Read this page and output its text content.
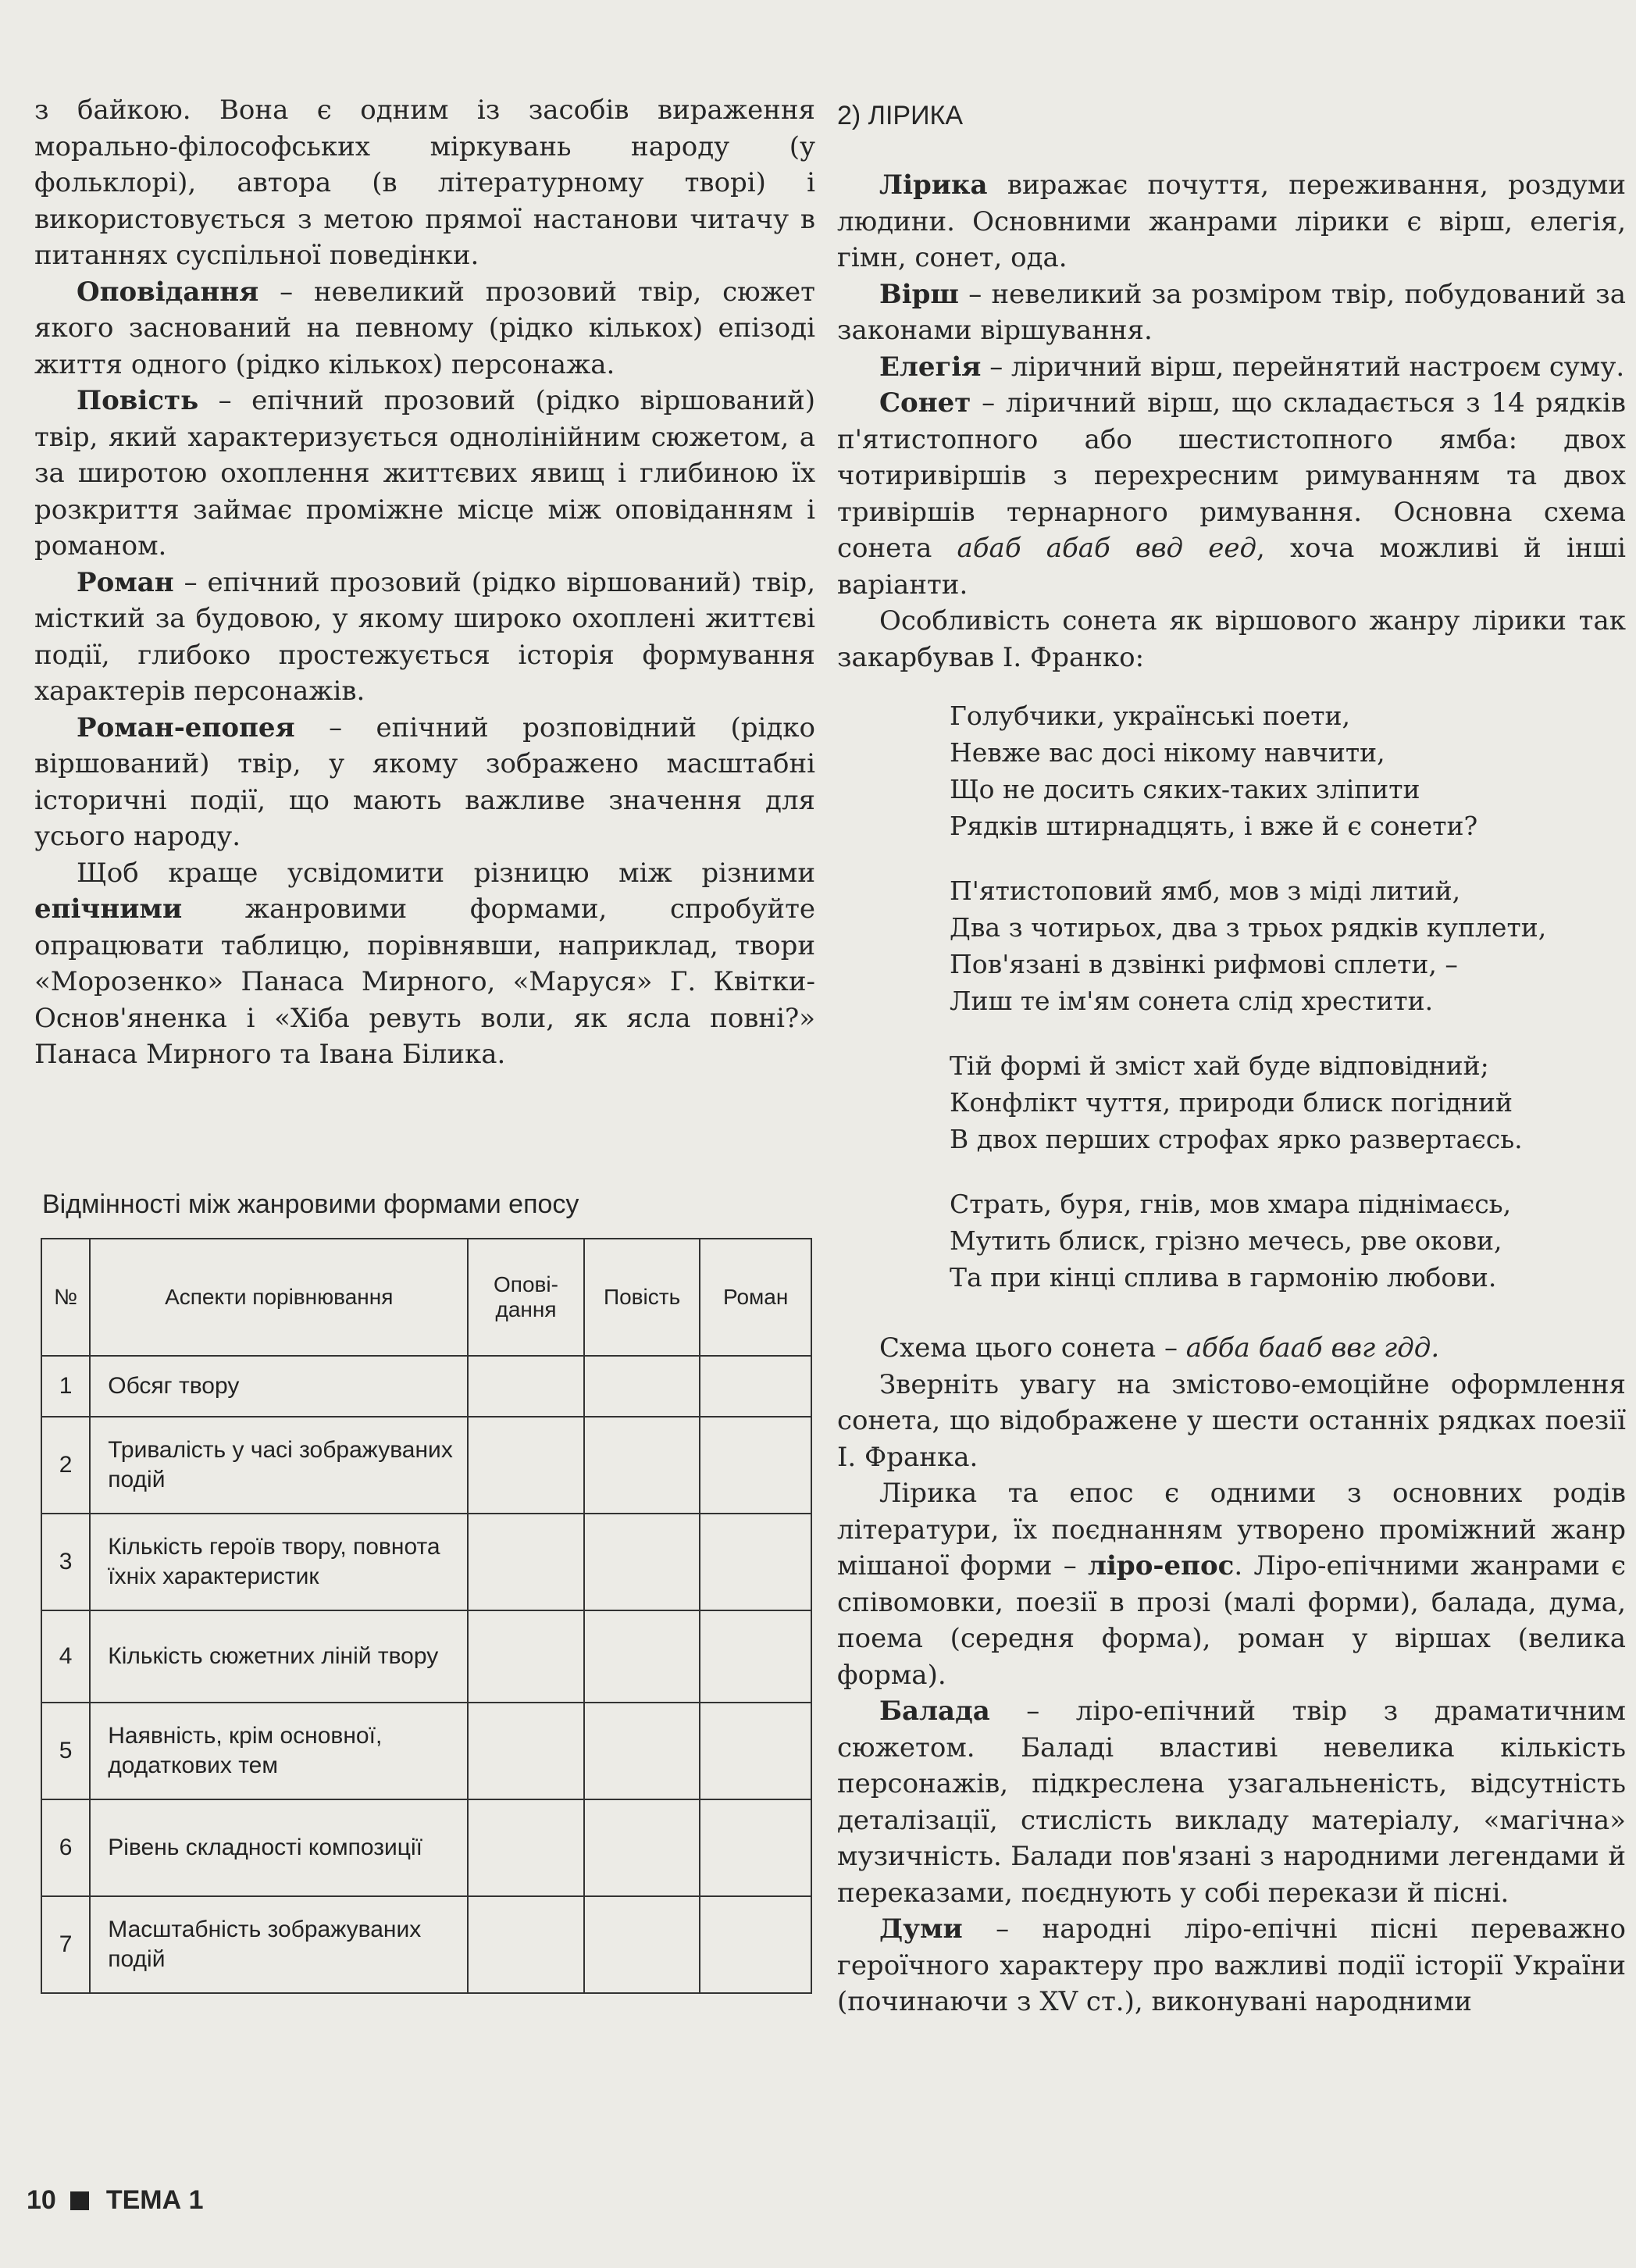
з байкою. Вона є одним із засобів вираження морально-філософських міркувань народу (у фольклорі), автора (в літературному творі) і використовується з метою прямої настанови читачу в питаннях суспільної поведінки.

Оповідання – невеликий прозовий твір, сюжет якого заснований на певному (рідко кількох) епізоді життя одного (рідко кількох) персонажа.

Повість – епічний прозовий (рідко віршований) твір, який характеризується однолінійним сюжетом, а за широтою охоплення життєвих явищ і глибиною їх розкриття займає проміжне місце між оповіданням і романом.

Роман – епічний прозовий (рідко віршований) твір, місткий за будовою, у якому широко охоплені життєві події, глибоко простежується історія формування характерів персонажів.

Роман-епопея – епічний розповідний (рідко віршований) твір, у якому зображено масштабні історичні події, що мають важливе значення для усього народу.

Щоб краще усвідомити різницю між різними епічними жанровими формами, спробуйте опрацювати таблицю, порівнявши, наприклад, твори «Морозенко» Панаса Мирного, «Маруся» Г. Квітки-Основ'яненка і «Хіба ревуть воли, як ясла повні?» Панаса Мирного та Івана Білика.

Відмінності між жанровими формами епосу
№	Аспекти порівнювання	Опові-дання	Повість	Роман
1	Обсяг твору			
2	Тривалість у часі зображуваних подій			
3	Кількість героїв твору, повнота їхніх характеристик			
4	Кількість сюжетних ліній твору			
5	Наявність, крім основної, додаткових тем			
6	Рівень складності композиції			
7	Масштабність зображуваних подій			
2) ЛІРИКА

Лірика виражає почуття, переживання, роздуми людини. Основними жанрами лірики є вірш, елегія, гімн, сонет, ода.

Вірш – невеликий за розміром твір, побудований за законами віршування.

Елегія – ліричний вірш, перейнятий настроєм суму.

Сонет – ліричний вірш, що складається з 14 рядків п'ятистопного або шестистопного ямба: двох чотиривіршів з перехресним римуванням та двох тривіршів тернарного римування. Основна схема сонета абаб абаб ввд еед, хоча можливі й інші варіанти.

Особливість сонета як віршового жанру лірики так закарбував І. Франко:

Голубчики, українські поети,
Невже вас досі нікому навчити,
Що не досить сяких-таких зліпити
Рядків штирнадцять, і вже й є сонети?
П'ятистоповий ямб, мов з міді литий,
Два з чотирьох, два з трьох рядків куплети,
Пов'язані в дзвінкі рифмові сплети, –
Лиш те ім'ям сонета слід хрестити.
Тій формі й зміст хай буде відповідний;
Конфлікт чуття, природи блиск погідний
В двох перших строфах ярко развертаєсь.
Страть, буря, гнів, мов хмара піднімаєсь,
Мутить блиск, грізно мечесь, рве окови,
Та при кінці сплива в гармонію любови.

Схема цього сонета – абба бааб ввг гдд.

Зверніть увагу на змістово-емоційне оформлення сонета, що відображене у шести останніх рядках поезії І. Франка.

Лірика та епос є одними з основних родів літератури, їх поєднанням утворено проміжний жанр мішаної форми – ліро-епос. Ліро-епічними жанрами є співомовки, поезії в прозі (малі форми), балада, дума, поема (середня форма), роман у віршах (велика форма).

Балада – ліро-епічний твір з драматичним сюжетом. Баладі властиві невелика кількість персонажів, підкреслена узагальненість, відсутність деталізації, стислість викладу матеріалу, «магічна» музичність. Балади пов'язані з народними легендами й переказами, поєднують у собі перекази й пісні.

Думи – народні ліро-епічні пісні переважно героїчного характеру про важливі події історії України (починаючи з XV ст.), виконувані народними

10 ТЕМА 1
